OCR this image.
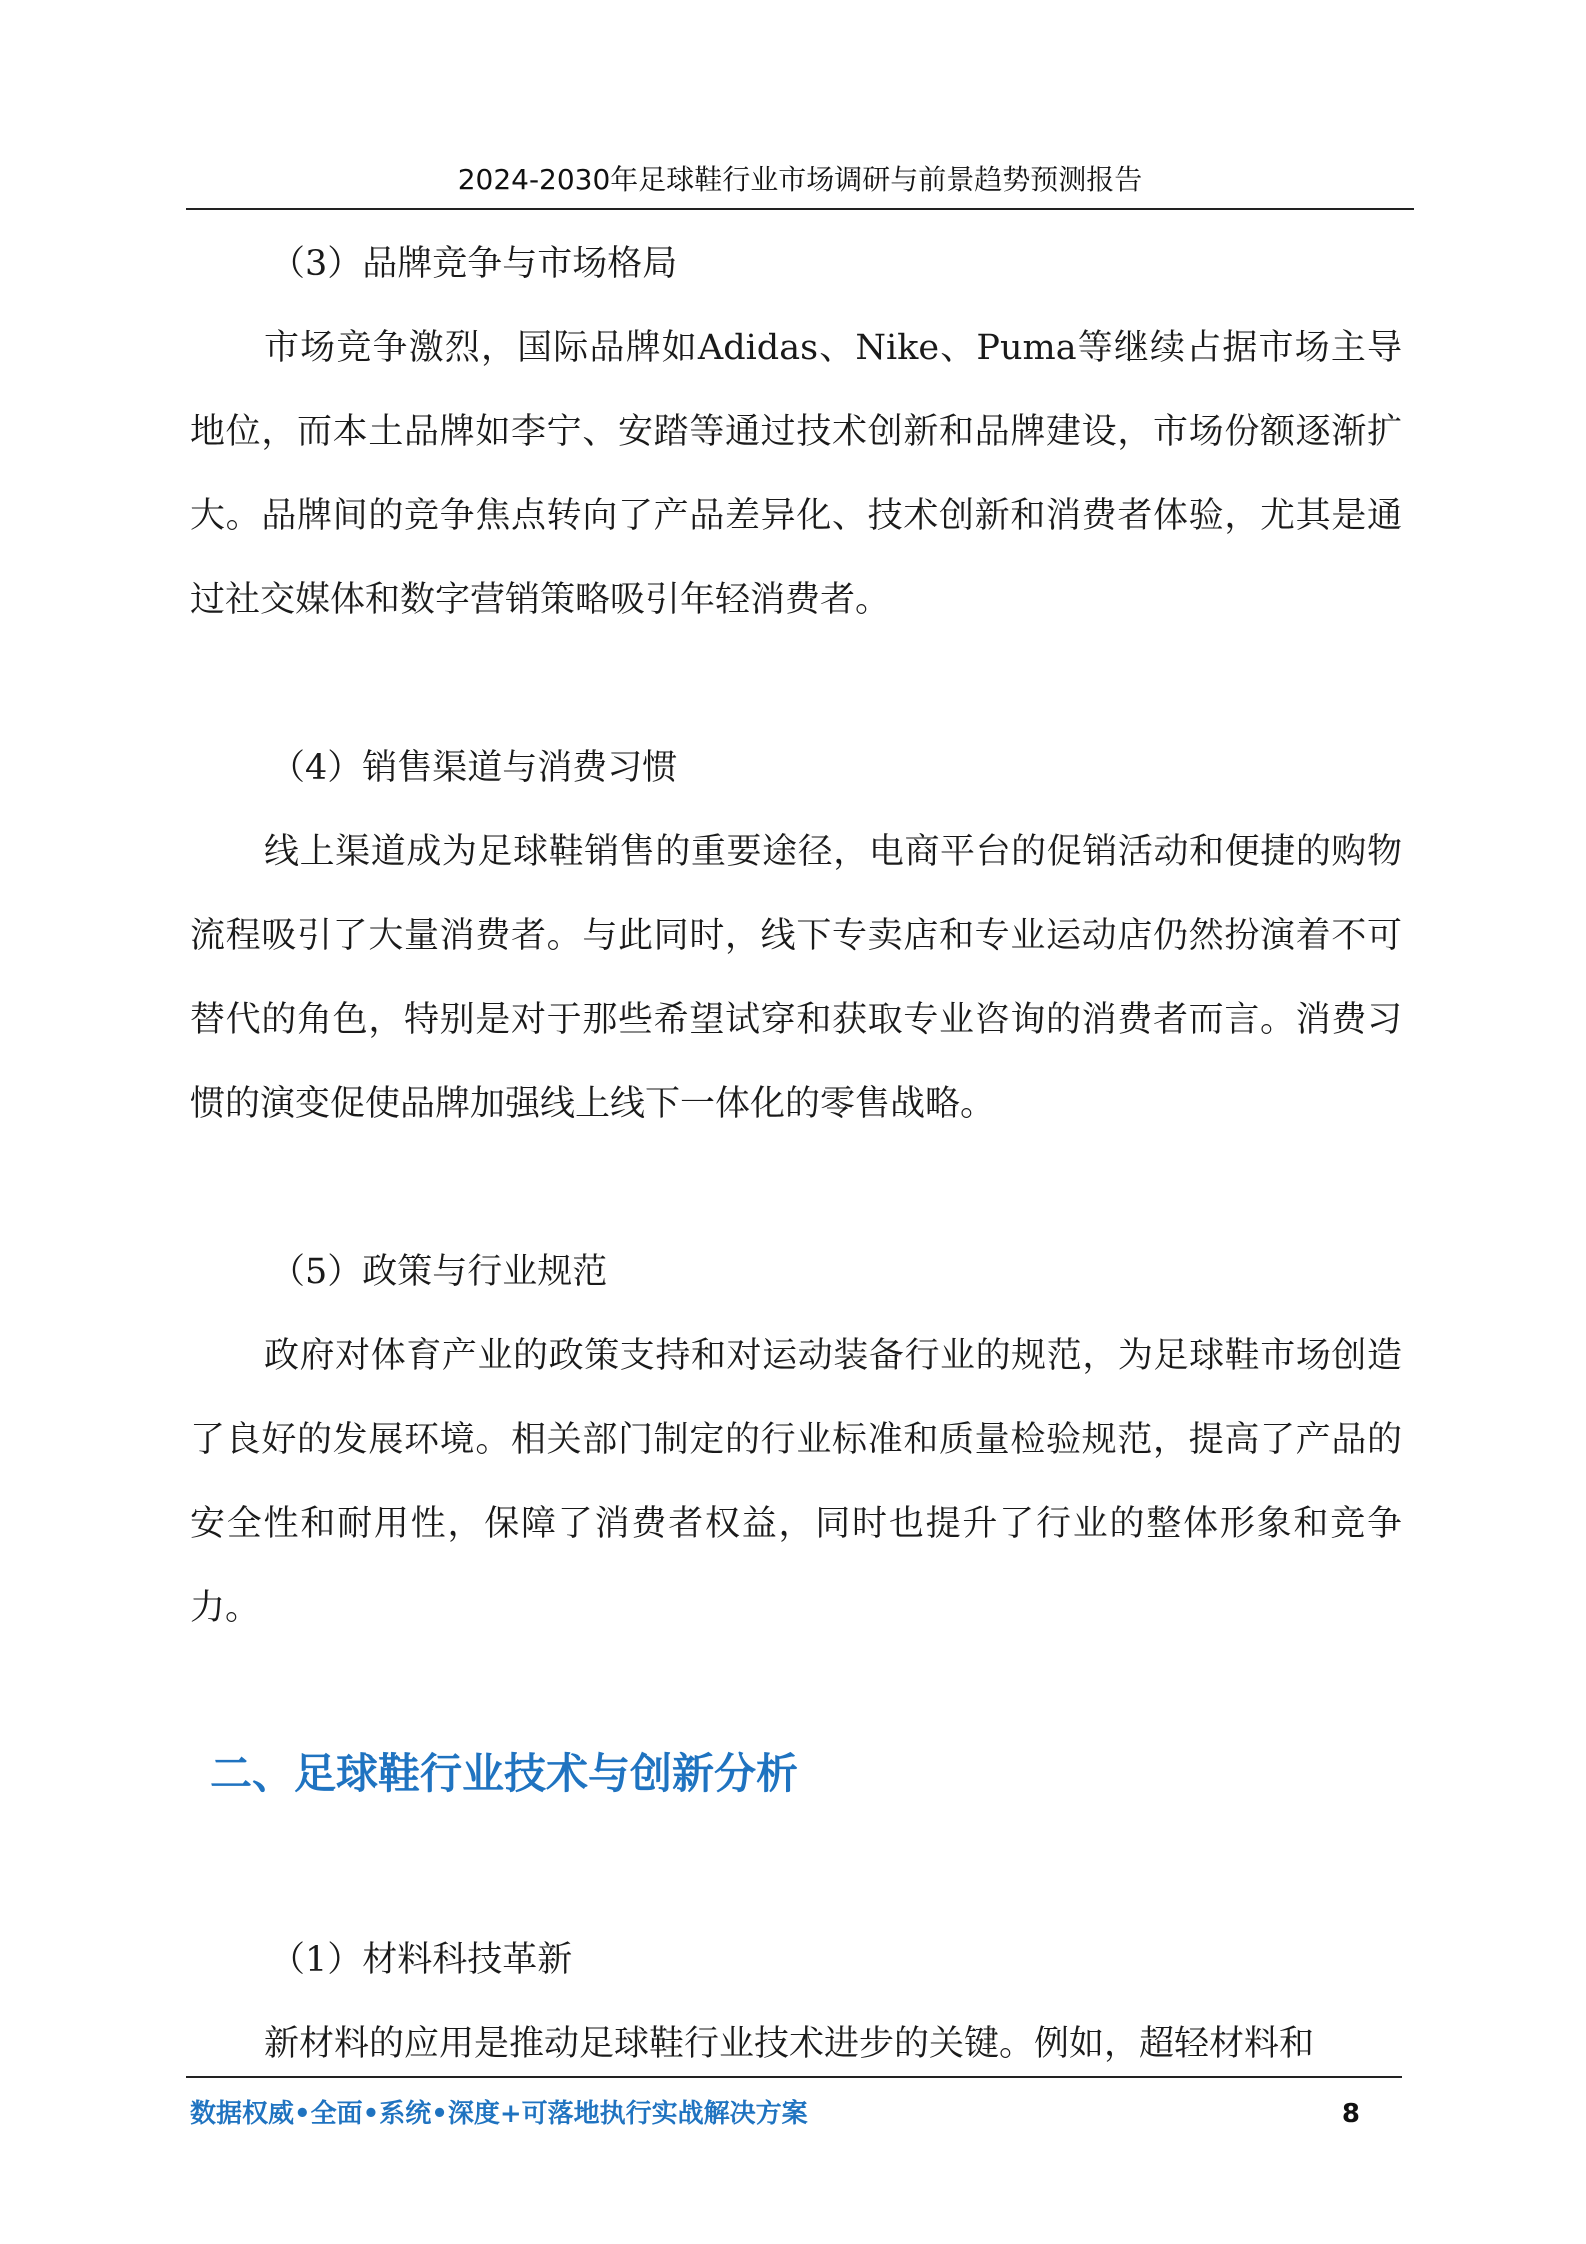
2024-2030年足球鞋行业市场调研与前景趋势预测报告

（3）品牌竞争与市场格局

市场竞争激烈，国际品牌如Adidas、Nike、Puma等继续占据市场主导地位，而本土品牌如李宁、安踏等通过技术创新和品牌建设，市场份额逐渐扩大。品牌间的竞争焦点转向了产品差异化、技术创新和消费者体验，尤其是通过社交媒体和数字营销策略吸引年轻消费者。

（4）销售渠道与消费习惯

线上渠道成为足球鞋销售的重要途径，电商平台的促销活动和便捷的购物流程吸引了大量消费者。与此同时，线下专卖店和专业运动店仍然扮演着不可替代的角色，特别是对于那些希望试穿和获取专业咨询的消费者而言。消费习惯的演变促使品牌加强线上线下一体化的零售战略。

（5）政策与行业规范

政府对体育产业的政策支持和对运动装备行业的规范，为足球鞋市场创造了良好的发展环境。相关部门制定的行业标准和质量检验规范，提高了产品的安全性和耐用性，保障了消费者权益，同时也提升了行业的整体形象和竞争力。

二、足球鞋行业技术与创新分析

（1）材料科技革新

新材料的应用是推动足球鞋行业技术进步的关键。例如，超轻材料和

数据权威•全面•系统•深度+可落地执行实战解决方案	8
